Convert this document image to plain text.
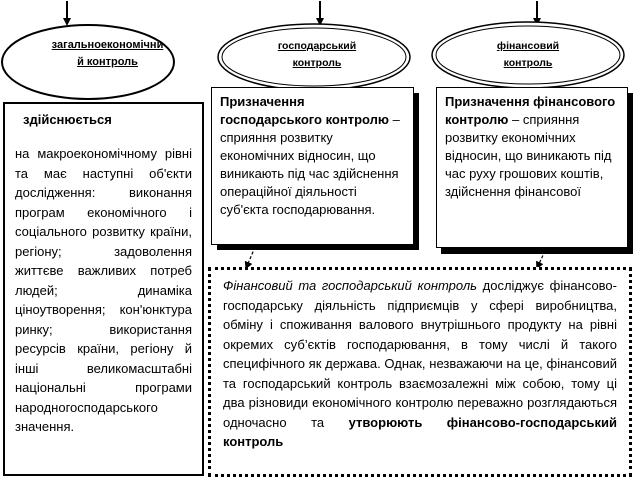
загальноекономічни
й контроль
господарський
контроль
фінансовий
контроль
здійснюється
на макроекономічному рівні та має наступні об'єкти дослідження: виконання програм економічного і соціального розвитку країни, регіону; задоволення життєве важливих потреб людей; динаміка ціноутворення; кон'юнктура ринку; використання ресурсів країни, регіону й інші великомасштабні національні програми народногосподарського значення.
Призначення господарського контролю – сприяння розвитку економічних відносин, що виникають під час здійснення операційної діяльності суб'єкта господарювання.
Призначення фінансового контролю – сприяння розвитку економічних відносин, що виникають під час руху грошових коштів, здійснення фінансової
Фінансовий та господарський контроль досліджує фінансово-господарську діяльність підприємців у сфері виробництва, обміну і споживання валового внутрішнього продукту на рівні окремих суб’єктів господарювання, в тому числі й такого специфічного як держава. Однак, незважаючи на це, фінансовий та господарський контроль взаємозалежні між собою, тому ці два різновиди економічного контролю переважно розглядаються одночасно та утворюють фінансово-господарський контроль
